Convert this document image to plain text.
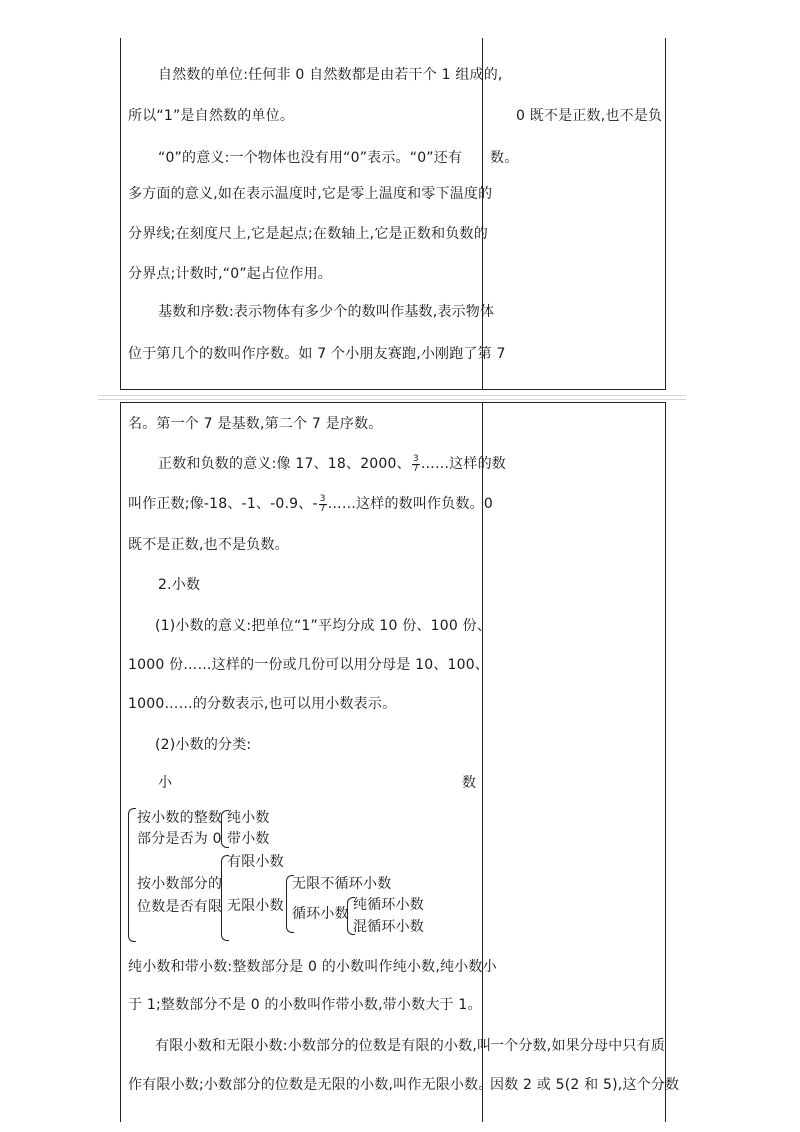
自然数的单位:任何非 0 自然数都是由若干个 1 组成的,
所以“1”是自然数的单位。
“0”的意义:一个物体也没有用“0”表示。“0”还有
多方面的意义,如在表示温度时,它是零上温度和零下温度的
分界线;在刻度尺上,它是起点;在数轴上,它是正数和负数的
分界点;计数时,“0”起占位作用。
基数和序数:表示物体有多少个的数叫作基数,表示物体
位于第几个的数叫作序数。如 7 个小朋友赛跑,小刚跑了第 7
0 既不是正数,也不是负
数。
名。第一个 7 是基数,第二个 7 是序数。
正数和负数的意义:像 17、18、2000、 $\frac{3}{7}$ ……这样的数
叫作正数;像-18、-1、-0.9、- $\frac{3}{7}$ ……这样的数叫作负数。0
既不是正数,也不是负数。
2.小数
(1)小数的意义:把单位“1”平均分成 10 份、100 份、
1000 份……这样的一份或几份可以用分母是 10、100、
1000……的分数表示,也可以用小数表示。
(2)小数的分类:
小	数
按小数的整数
部分是否为 0
纯小数
带小数
按小数部分的
位数是否有限
有限小数
无限小数
无限不循环小数
循环小数
纯循环小数
混循环小数
纯小数和带小数:整数部分是 0 的小数叫作纯小数,纯小数小
于 1;整数部分不是 0 的小数叫作带小数,带小数大于 1。
有限小数和无限小数:小数部分的位数是有限的小数,叫
作有限小数;小数部分的位数是无限的小数,叫作无限小数。
一个分数,如果分母中只有质
因数 2 或 5(2 和 5),这个分数
